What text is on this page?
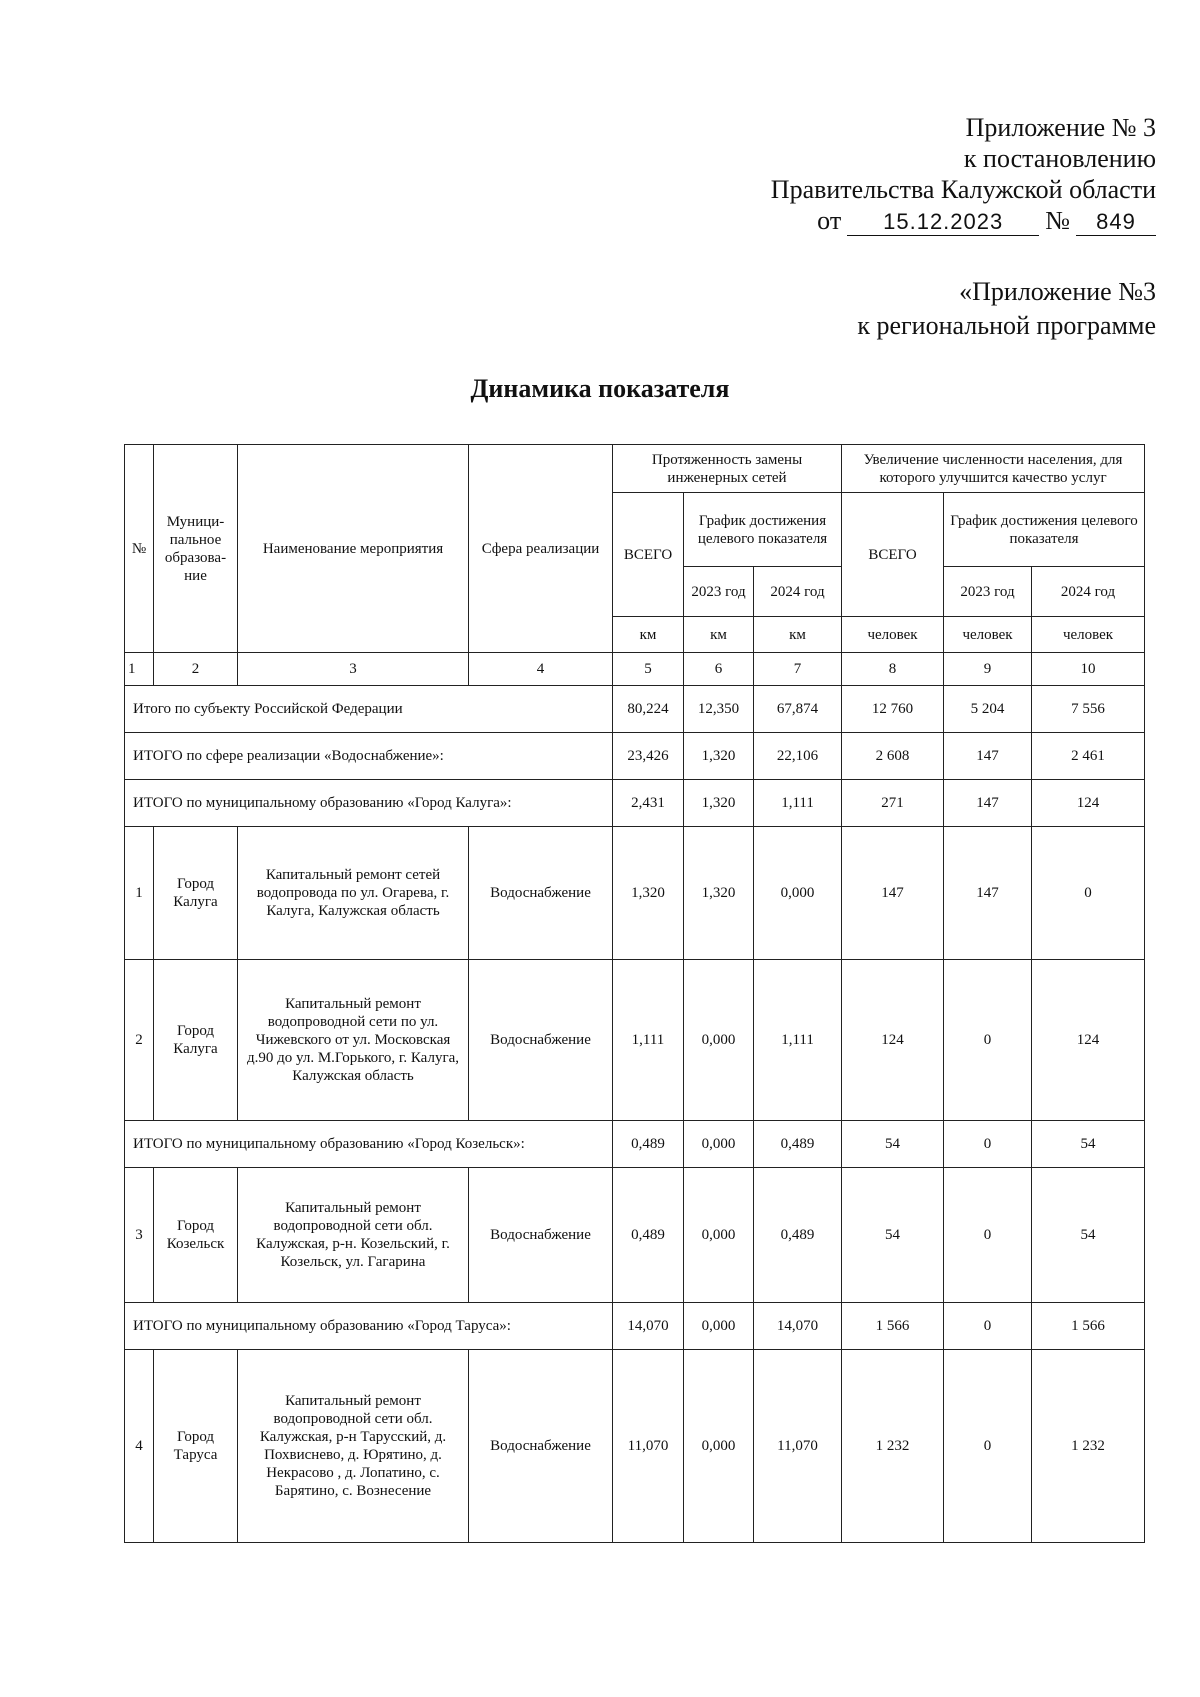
Приложение № 3
к постановлению
Правительства Калужской области
от	15.12.2023	№	849
«Приложение №3
к региональной программе
Динамика показателя
№	Муници-пальное образова-ние	Наименование мероприятия	Сфера реализации	Протяженность замены инженерных сетей			Увеличение численности населения, для которого улучшится качество услуг		
				ВСЕГО	График достижения целевого показателя		ВСЕГО	График достижения целевого показателя	
					2023 год	2024 год		2023 год	2024 год
				км	км	км	человек	человек	человек
1	2	3	4	5	6	7	8	9	10
Итого по субъекту Российской Федерации				80,224	12,350	67,874	12 760	5 204	7 556
ИТОГО по сфере реализации «Водоснабжение»:				23,426	1,320	22,106	2 608	147	2 461
ИТОГО по муниципальному образованию «Город Калуга»:				2,431	1,320	1,111	271	147	124
1	Город Калуга	Капитальный ремонт сетей водопровода по ул. Огарева, г. Калуга, Калужская область	Водоснабжение	1,320	1,320	0,000	147	147	0
2	Город Калуга	Капитальный ремонт водопроводной сети по ул. Чижевского от ул. Московская д.90 до ул. М.Горького, г. Калуга, Калужская область	Водоснабжение	1,111	0,000	1,111	124	0	124
ИТОГО по муниципальному образованию «Город Козельск»:				0,489	0,000	0,489	54	0	54
3	Город Козельск	Капитальный ремонт водопроводной сети обл. Калужская, р-н. Козельский, г. Козельск, ул. Гагарина	Водоснабжение	0,489	0,000	0,489	54	0	54
ИТОГО по муниципальному образованию «Город Таруса»:				14,070	0,000	14,070	1 566	0	1 566
4	Город Таруса	Капитальный ремонт водопроводной сети обл. Калужская, р-н Тарусский, д. Похвиснево, д. Юрятино, д. Некрасово , д. Лопатино, с. Барятино, с. Вознесение	Водоснабжение	11,070	0,000	11,070	1 232	0	1 232
